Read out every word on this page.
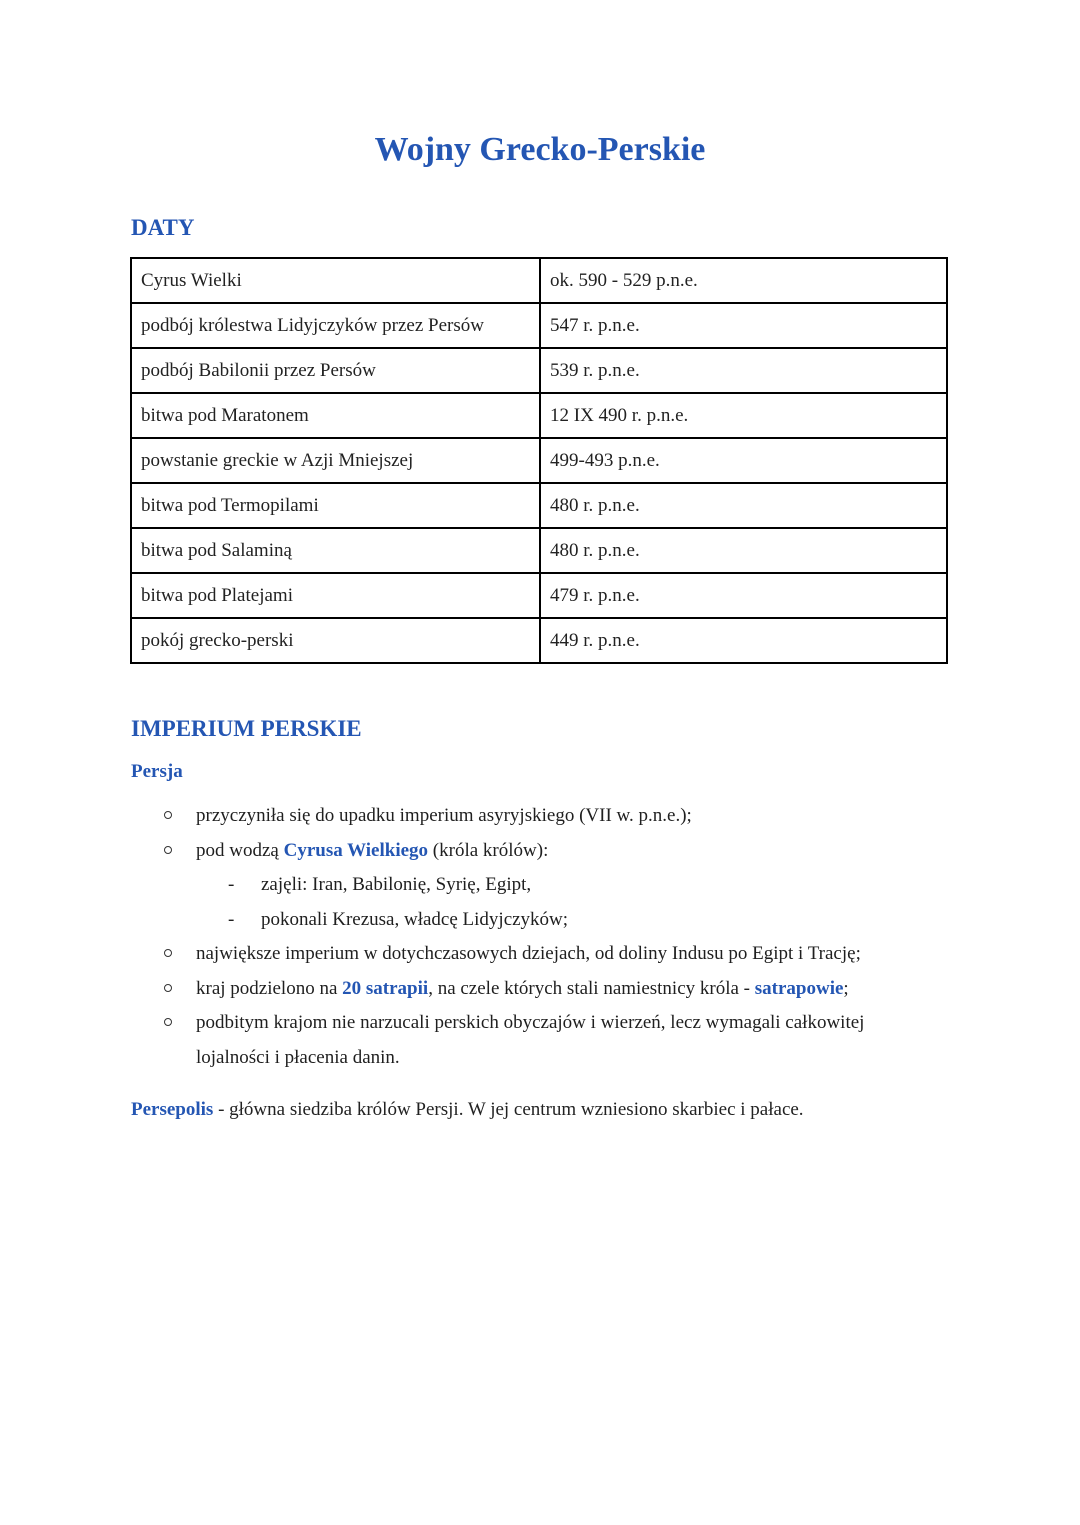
Wojny Grecko-Perskie
DATY
Cyrus Wielki	ok. 590 - 529 p.n.e.
podbój królestwa Lidyjczyków przez Persów	547 r. p.n.e.
podbój Babilonii przez Persów	539 r. p.n.e.
bitwa pod Maratonem	12 IX 490 r. p.n.e.
powstanie greckie w Azji Mniejszej	499-493 p.n.e.
bitwa pod Termopilami	480 r. p.n.e.
bitwa pod Salaminą	480 r. p.n.e.
bitwa pod Platejami	479 r. p.n.e.
pokój grecko-perski	449 r. p.n.e.
IMPERIUM PERSKIE
Persja
przyczyniła się do upadku imperium asyryjskiego (VII w. p.n.e.);
pod wodzą Cyrusa Wielkiego (króla królów):
- zajęli: Iran, Babilonię, Syrię, Egipt,
- pokonali Krezusa, władcę Lidyjczyków;
największe imperium w dotychczasowych dziejach, od doliny Indusu po Egipt i Trację;
kraj podzielono na 20 satrapii, na czele których stali namiestnicy króla - satrapowie;
podbitym krajom nie narzucali perskich obyczajów i wierzeń, lecz wymagali całkowitej lojalności i płacenia danin.

Persepolis - główna siedziba królów Persji. W jej centrum wzniesiono skarbiec i pałace.
